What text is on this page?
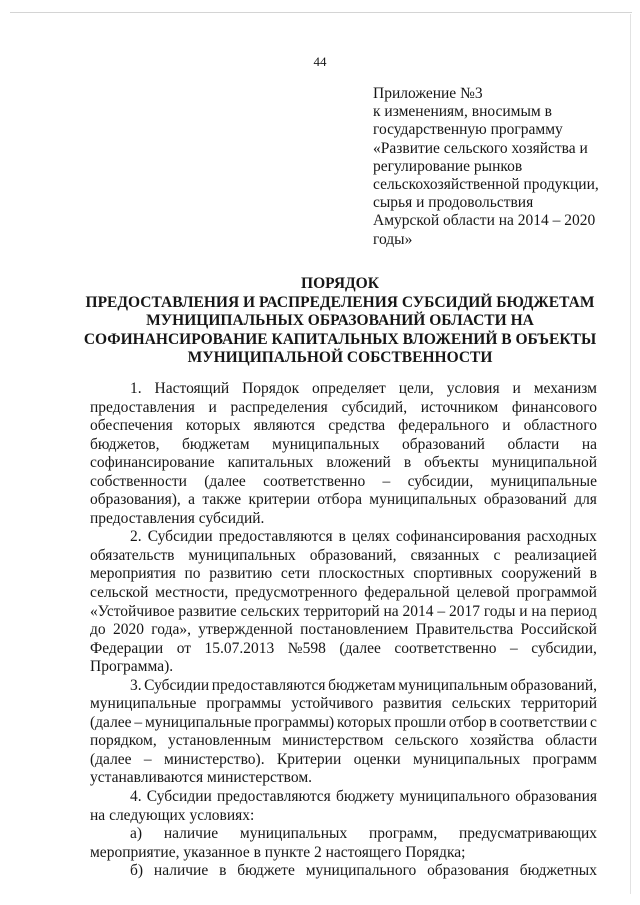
44
Приложение №3
к изменениям, вносимым в
государственную программу
«Развитие сельского хозяйства и
регулирование рынков
сельскохозяйственной продукции,
сырья и продовольствия
Амурской области на 2014 – 2020
годы»
ПОРЯДОК
ПРЕДОСТАВЛЕНИЯ И РАСПРЕДЕЛЕНИЯ СУБСИДИЙ БЮДЖЕТАМ
МУНИЦИПАЛЬНЫХ ОБРАЗОВАНИЙ ОБЛАСТИ НА
СОФИНАНСИРОВАНИЕ КАПИТАЛЬНЫХ ВЛОЖЕНИЙ В ОБЪЕКТЫ
МУНИЦИПАЛЬНОЙ СОБСТВЕННОСТИ
1. Настоящий Порядок определяет цели, условия и механизм
предоставления и распределения субсидий, источником финансового
обеспечения которых являются средства федерального и областного
бюджетов, бюджетам муниципальных образований области на
софинансирование капитальных вложений в объекты муниципальной
собственности (далее соответственно – субсидии, муниципальные
образования), а также критерии отбора муниципальных образований для
предоставления субсидий.
2. Субсидии предоставляются в целях софинансирования расходных
обязательств муниципальных образований, связанных с реализацией
мероприятия по развитию сети плоскостных спортивных сооружений в
сельской местности, предусмотренного федеральной целевой программой
«Устойчивое развитие сельских территорий на 2014 – 2017 годы и на период
до 2020 года», утвержденной постановлением Правительства Российской
Федерации от 15.07.2013 №598 (далее соответственно – субсидии,
Программа).
3. Субсидии предоставляются бюджетам муниципальным образований,
муниципальные программы устойчивого развития сельских территорий
(далее – муниципальные программы) которых прошли отбор в соответствии с
порядком, установленным министерством сельского хозяйства области
(далее – министерство). Критерии оценки муниципальных программ
устанавливаются министерством.
4. Субсидии предоставляются бюджету муниципального образования
на следующих условиях:
а) наличие муниципальных программ, предусматривающих
мероприятие, указанное в пункте 2 настоящего Порядка;
б) наличие в бюджете муниципального образования бюджетных
